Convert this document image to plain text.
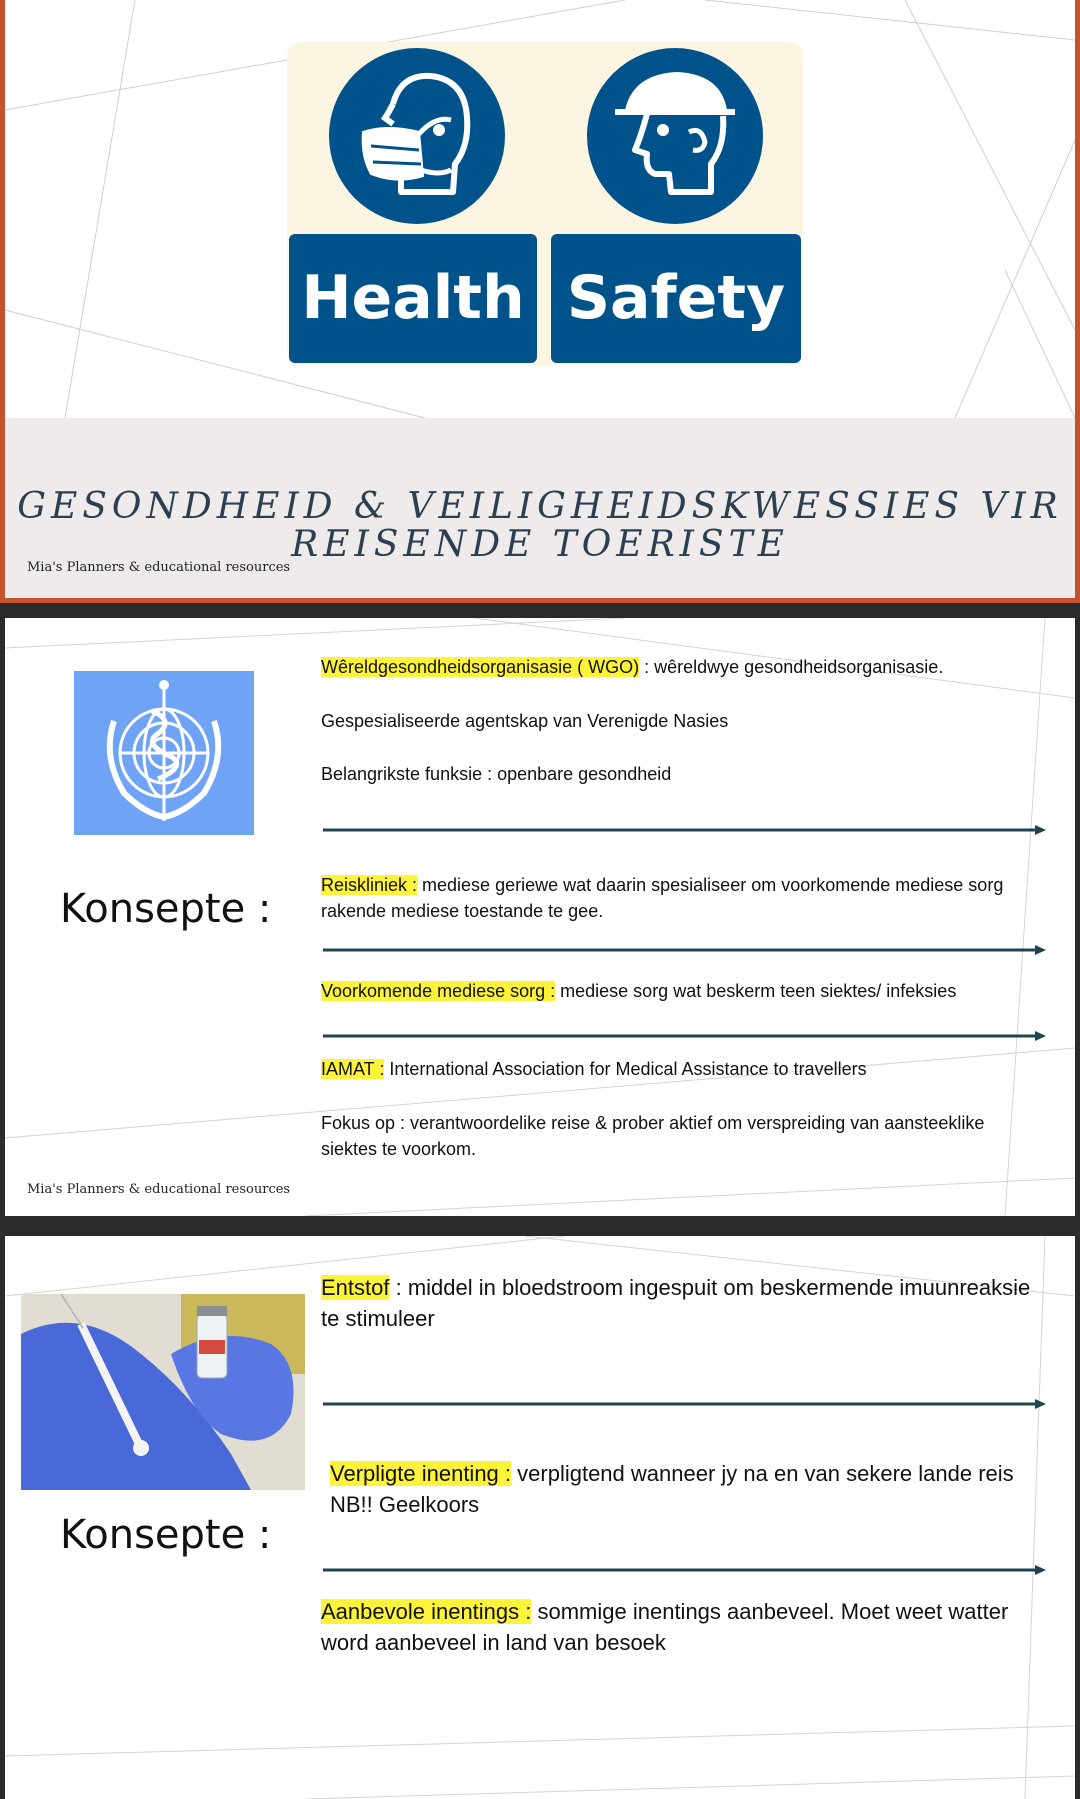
Health Safety
GESONDHEID & VEILIGHEIDSKWESSIES VIR REISENDE TOERISTE
Mia's Planners & educational resources
Konsepte :
Wêreldgesondheidsorganisasie ( WGO) : wêreldwye gesondheidsorganisasie.
Gespesialiseerde agentskap van Verenigde Nasies
Belangrikste funksie : openbare gesondheid
Reiskliniek : mediese geriewe wat daarin spesialiseer om voorkomende mediese sorg rakende mediese toestande te gee.
Voorkomende mediese sorg : mediese sorg wat beskerm teen siektes/ infeksies
IAMAT : International Association for Medical Assistance to travellers
Fokus op : verantwoordelike reise & prober aktief om verspreiding van aansteeklike siektes te voorkom.
Mia's Planners & educational resources
Konsepte :
Entstof : middel in bloedstroom ingespuit om beskermende imuunreaksie te stimuleer
Verpligte inenting : verpligtend wanneer jy na en van sekere lande reis NB!! Geelkoors
Aanbevole inentings : sommige inentings aanbeveel. Moet weet watter word aanbeveel in land van besoek
